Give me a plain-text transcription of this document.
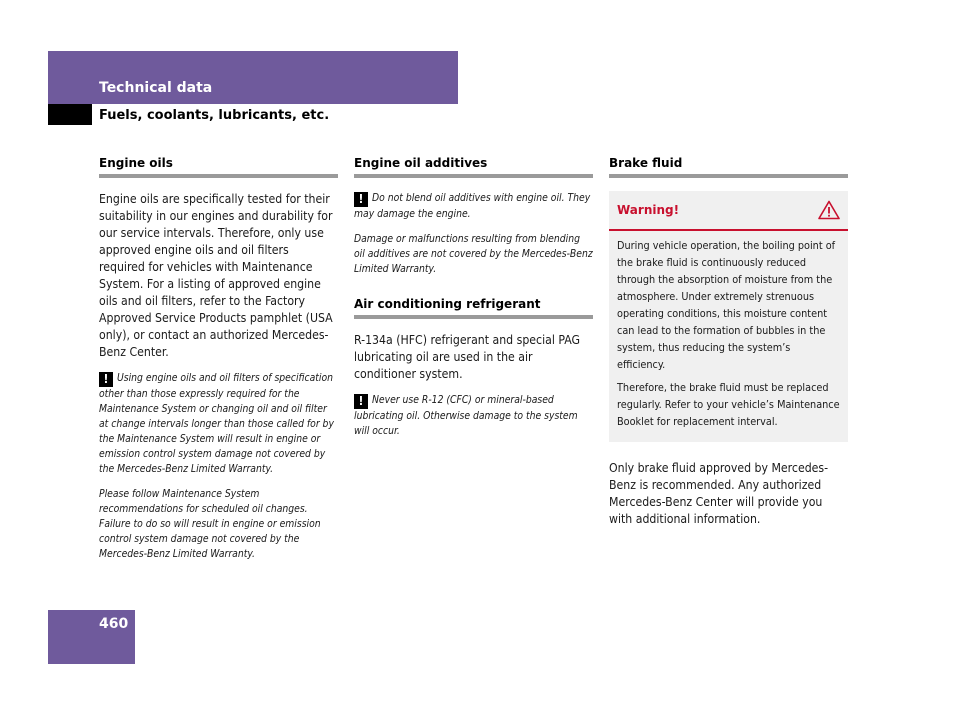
Technical data
Fuels, coolants, lubricants, etc.
Engine oils

Engine oils are specifically tested for their suitability in our engines and durability for our service intervals. Therefore, only use approved engine oils and oil filters required for vehicles with Maintenance System. For a listing of approved engine oils and oil filters, refer to the Factory Approved Service Products pamphlet (USA only), or contact an authorized Mercedes-Benz Center.

! Using engine oils and oil filters of specification other than those expressly required for the Maintenance System or changing oil and oil filter at change intervals longer than those called for by the Maintenance System will result in engine or emission control system damage not covered by the Mercedes-Benz Limited Warranty.

Please follow Maintenance System recommendations for scheduled oil changes. Failure to do so will result in engine or emission control system damage not covered by the Mercedes-Benz Limited Warranty.

Engine oil additives

! Do not blend oil additives with engine oil. They may damage the engine.

Damage or malfunctions resulting from blending oil additives are not covered by the Mercedes-Benz Limited Warranty.

Air conditioning refrigerant

R-134a (HFC) refrigerant and special PAG lubricating oil are used in the air conditioner system.

! Never use R-12 (CFC) or mineral-based lubricating oil. Otherwise damage to the system will occur.

Brake fluid
Warning!

During vehicle operation, the boiling point of the brake fluid is continuously reduced through the absorption of moisture from the atmosphere. Under extremely strenuous operating conditions, this moisture content can lead to the formation of bubbles in the system, thus reducing the system’s efficiency.

Therefore, the brake fluid must be replaced regularly. Refer to your vehicle’s Maintenance Booklet for replacement interval.

Only brake fluid approved by Mercedes-Benz is recommended. Any authorized Mercedes-Benz Center will provide you with additional information.

460
